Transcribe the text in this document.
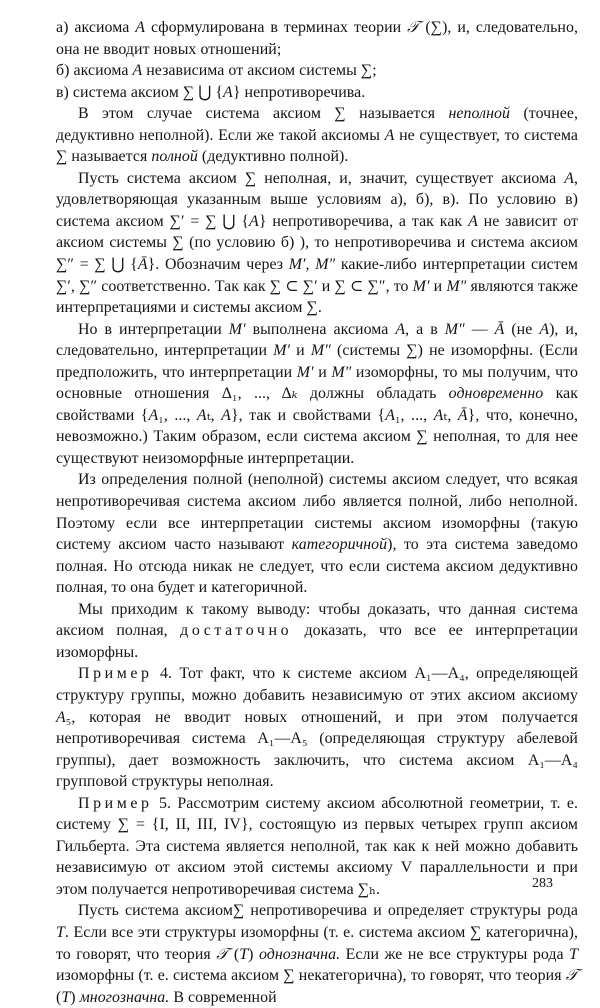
а) аксиома A сформулирована в терминах теории 𝒯 (∑), и, следовательно, она не вводит новых отношений;

б) аксиома A независима от аксиом системы ∑;

в) система аксиом ∑ ⋃ {A} непротиворечива.

В этом случае система аксиом ∑ называется неполной (точнее, дедуктивно неполной). Если же такой аксиомы A не существует, то система ∑ называется полной (дедуктивно полной).

Пусть система аксиом ∑ неполная, и, значит, существует аксиома A, удовлетворяющая указанным выше условиям а), б), в). По условию в) система аксиом ∑′ = ∑ ⋃ {A} непротиворечива, а так как A не зависит от аксиом системы ∑ (по условию б) ), то непротиворечива и система аксиом ∑″ = ∑ ⋃ {Ā}. Обозначим через M′, M″ какие-либо интерпретации систем ∑′, ∑″ соответственно. Так как ∑ ⊂ ∑′ и ∑ ⊂ ∑″, то M′ и M″ являются также интерпретациями и системы аксиом ∑.

Но в интерпретации M′ выполнена аксиома A, а в M″ — Ā (не A), и, следовательно, интерпретации M′ и M″ (системы ∑) не изоморфны. (Если предположить, что интерпретации M′ и M″ изоморфны, то мы получим, что основные отношения Δ₁, ..., Δₖ должны обладать одновременно как свойствами {A₁, ..., Aₜ, A}, так и свойствами {A₁, ..., Aₜ, Ā}, что, конечно, невозможно.) Таким образом, если система аксиом ∑ неполная, то для нее существуют неизоморфные интерпретации.

Из определения полной (неполной) системы аксиом следует, что всякая непротиворечивая система аксиом либо является полной, либо неполной. Поэтому если все интерпретации системы аксиом изоморфны (такую систему аксиом часто называют категоричной), то эта система заведомо полная. Но отсюда никак не следует, что если система аксиом дедуктивно полная, то она будет и категоричной.

Мы приходим к такому выводу: чтобы доказать, что данная система аксиом полная, достаточно доказать, что все ее интерпретации изоморфны.

Пример 4. Тот факт, что к системе аксиом A₁—A₄, определяющей структуру группы, можно добавить независимую от этих аксиом аксиому A₅, которая не вводит новых отношений, и при этом получается непротиворечивая система A₁—A₅ (определяющая структуру абелевой группы), дает возможность заключить, что система аксиом A₁—A₄ групповой структуры неполная.

Пример 5. Рассмотрим систему аксиом абсолютной геометрии, т. е. систему ∑ = {I, II, III, IV}, состоящую из первых четырех групп аксиом Гильберта. Эта система является неполной, так как к ней можно добавить независимую от аксиом этой системы аксиому V параллельности и при этом получается непротиворечивая система ∑ₕ.

Пусть система аксиом∑ непротиворечива и определяет структуры рода T. Если все эти структуры изоморфны (т. е. система аксиом ∑ категорична), то говорят, что теория 𝒯 (T) однозначна. Если же не все структуры рода T изоморфны (т. е. система аксиом ∑ некатегорична), то говорят, что теория 𝒯 (T) многозначна. В современной

283
